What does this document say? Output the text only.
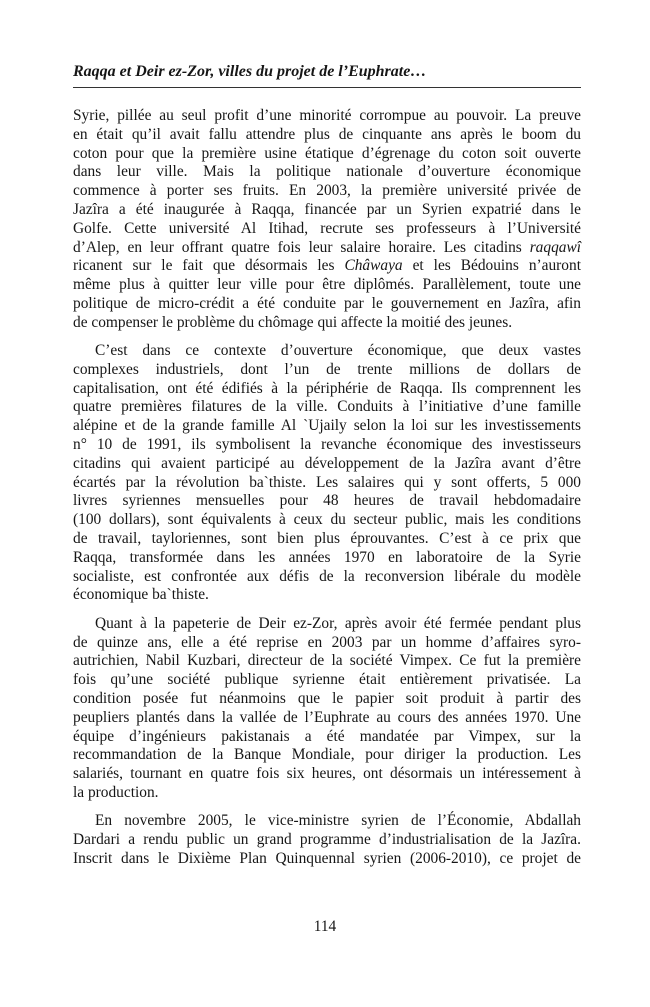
Raqqa et Deir ez-Zor, villes du projet de l’Euphrate…
Syrie, pillée au seul profit d’une minorité corrompue au pouvoir. La preuve
en était qu’il avait fallu attendre plus de cinquante ans après le boom du
coton pour que la première usine étatique d’égrenage du coton soit ouverte
dans leur ville. Mais la politique nationale d’ouverture économique
commence à porter ses fruits. En 2003, la première université privée de
Jazîra a été inaugurée à Raqqa, financée par un Syrien expatrié dans le
Golfe. Cette université Al Itihad, recrute ses professeurs à l’Université
d’Alep, en leur offrant quatre fois leur salaire horaire. Les citadins raqqawî
ricanent sur le fait que désormais les Châwaya et les Bédouins n’auront
même plus à quitter leur ville pour être diplômés. Parallèlement, toute une
politique de micro-crédit a été conduite par le gouvernement en Jazîra, afin
de compenser le problème du chômage qui affecte la moitié des jeunes.
C’est dans ce contexte d’ouverture économique, que deux vastes
complexes industriels, dont l’un de trente millions de dollars de
capitalisation, ont été édifiés à la périphérie de Raqqa. Ils comprennent les
quatre premières filatures de la ville. Conduits à l’initiative d’une famille
alépine et de la grande famille Al `Ujaily selon la loi sur les investissements
n° 10 de 1991, ils symbolisent la revanche économique des investisseurs
citadins qui avaient participé au développement de la Jazîra avant d’être
écartés par la révolution ba`thiste. Les salaires qui y sont offerts, 5 000
livres syriennes mensuelles pour 48 heures de travail hebdomadaire
(100 dollars), sont équivalents à ceux du secteur public, mais les conditions
de travail, tayloriennes, sont bien plus éprouvantes. C’est à ce prix que
Raqqa, transformée dans les années 1970 en laboratoire de la Syrie
socialiste, est confrontée aux défis de la reconversion libérale du modèle
économique ba`thiste.
Quant à la papeterie de Deir ez-Zor, après avoir été fermée pendant plus
de quinze ans, elle a été reprise en 2003 par un homme d’affaires syro-
autrichien, Nabil Kuzbari, directeur de la société Vimpex. Ce fut la première
fois qu’une société publique syrienne était entièrement privatisée. La
condition posée fut néanmoins que le papier soit produit à partir des
peupliers plantés dans la vallée de l’Euphrate au cours des années 1970. Une
équipe d’ingénieurs pakistanais a été mandatée par Vimpex, sur la
recommandation de la Banque Mondiale, pour diriger la production. Les
salariés, tournant en quatre fois six heures, ont désormais un intéressement à
la production.
En novembre 2005, le vice-ministre syrien de l’Économie, Abdallah
Dardari a rendu public un grand programme d’industrialisation de la Jazîra.
Inscrit dans le Dixième Plan Quinquennal syrien (2006-2010), ce projet de
114
